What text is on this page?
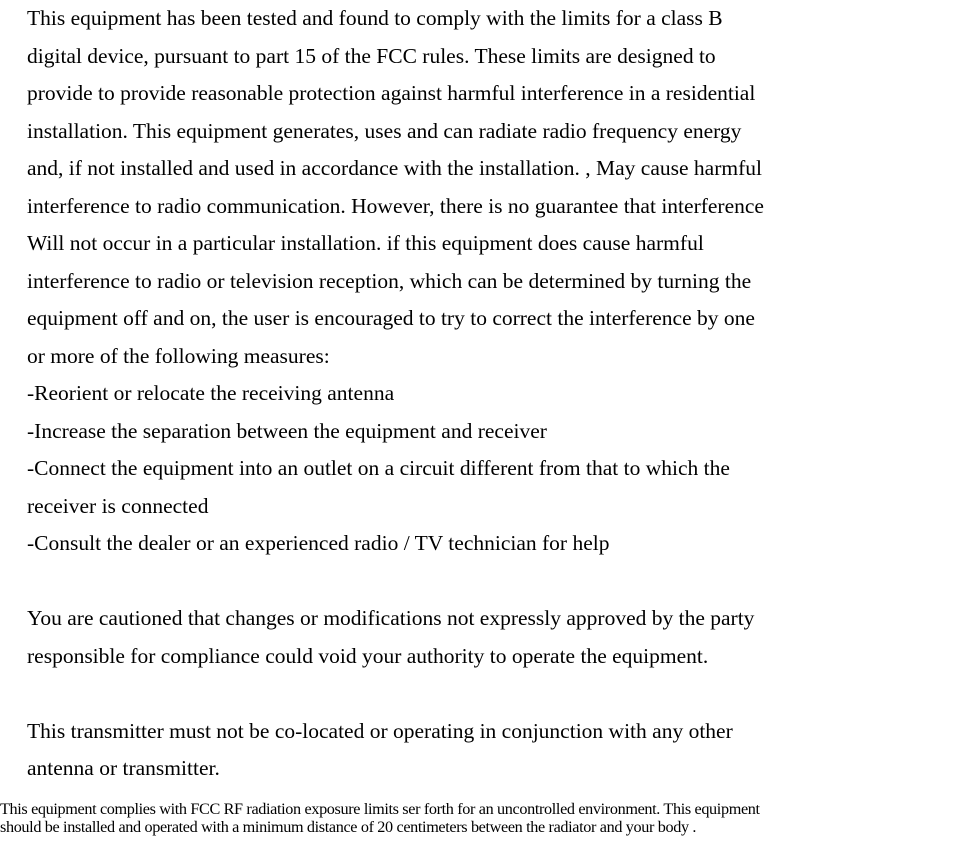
This equipment has been tested and found to comply with the limits for a class B
digital device, pursuant to part 15 of the FCC rules. These limits are designed to
provide to provide reasonable protection against harmful interference in a residential
installation. This equipment generates, uses and can radiate radio frequency energy
and, if not installed and used in accordance with the installation. , May cause harmful
interference to radio communication. However, there is no guarantee that interference
Will not occur in a particular installation. if this equipment does cause harmful
interference to radio or television reception, which can be determined by turning the
equipment off and on, the user is encouraged to try to correct the interference by one
or more of the following measures:
-Reorient or relocate the receiving antenna
-Increase the separation between the equipment and receiver
-Connect the equipment into an outlet on a circuit different from that to which the
receiver is connected
-Consult the dealer or an experienced radio / TV technician for help
You are cautioned that changes or modifications not expressly approved by the party
responsible for compliance could void your authority to operate the equipment.
This transmitter must not be co-located or operating in conjunction with any other
antenna or transmitter.
This equipment complies with FCC RF radiation exposure limits ser forth for an uncontrolled environment. This equipment
should be installed and operated with a minimum distance of 20 centimeters between the radiator and your body .
